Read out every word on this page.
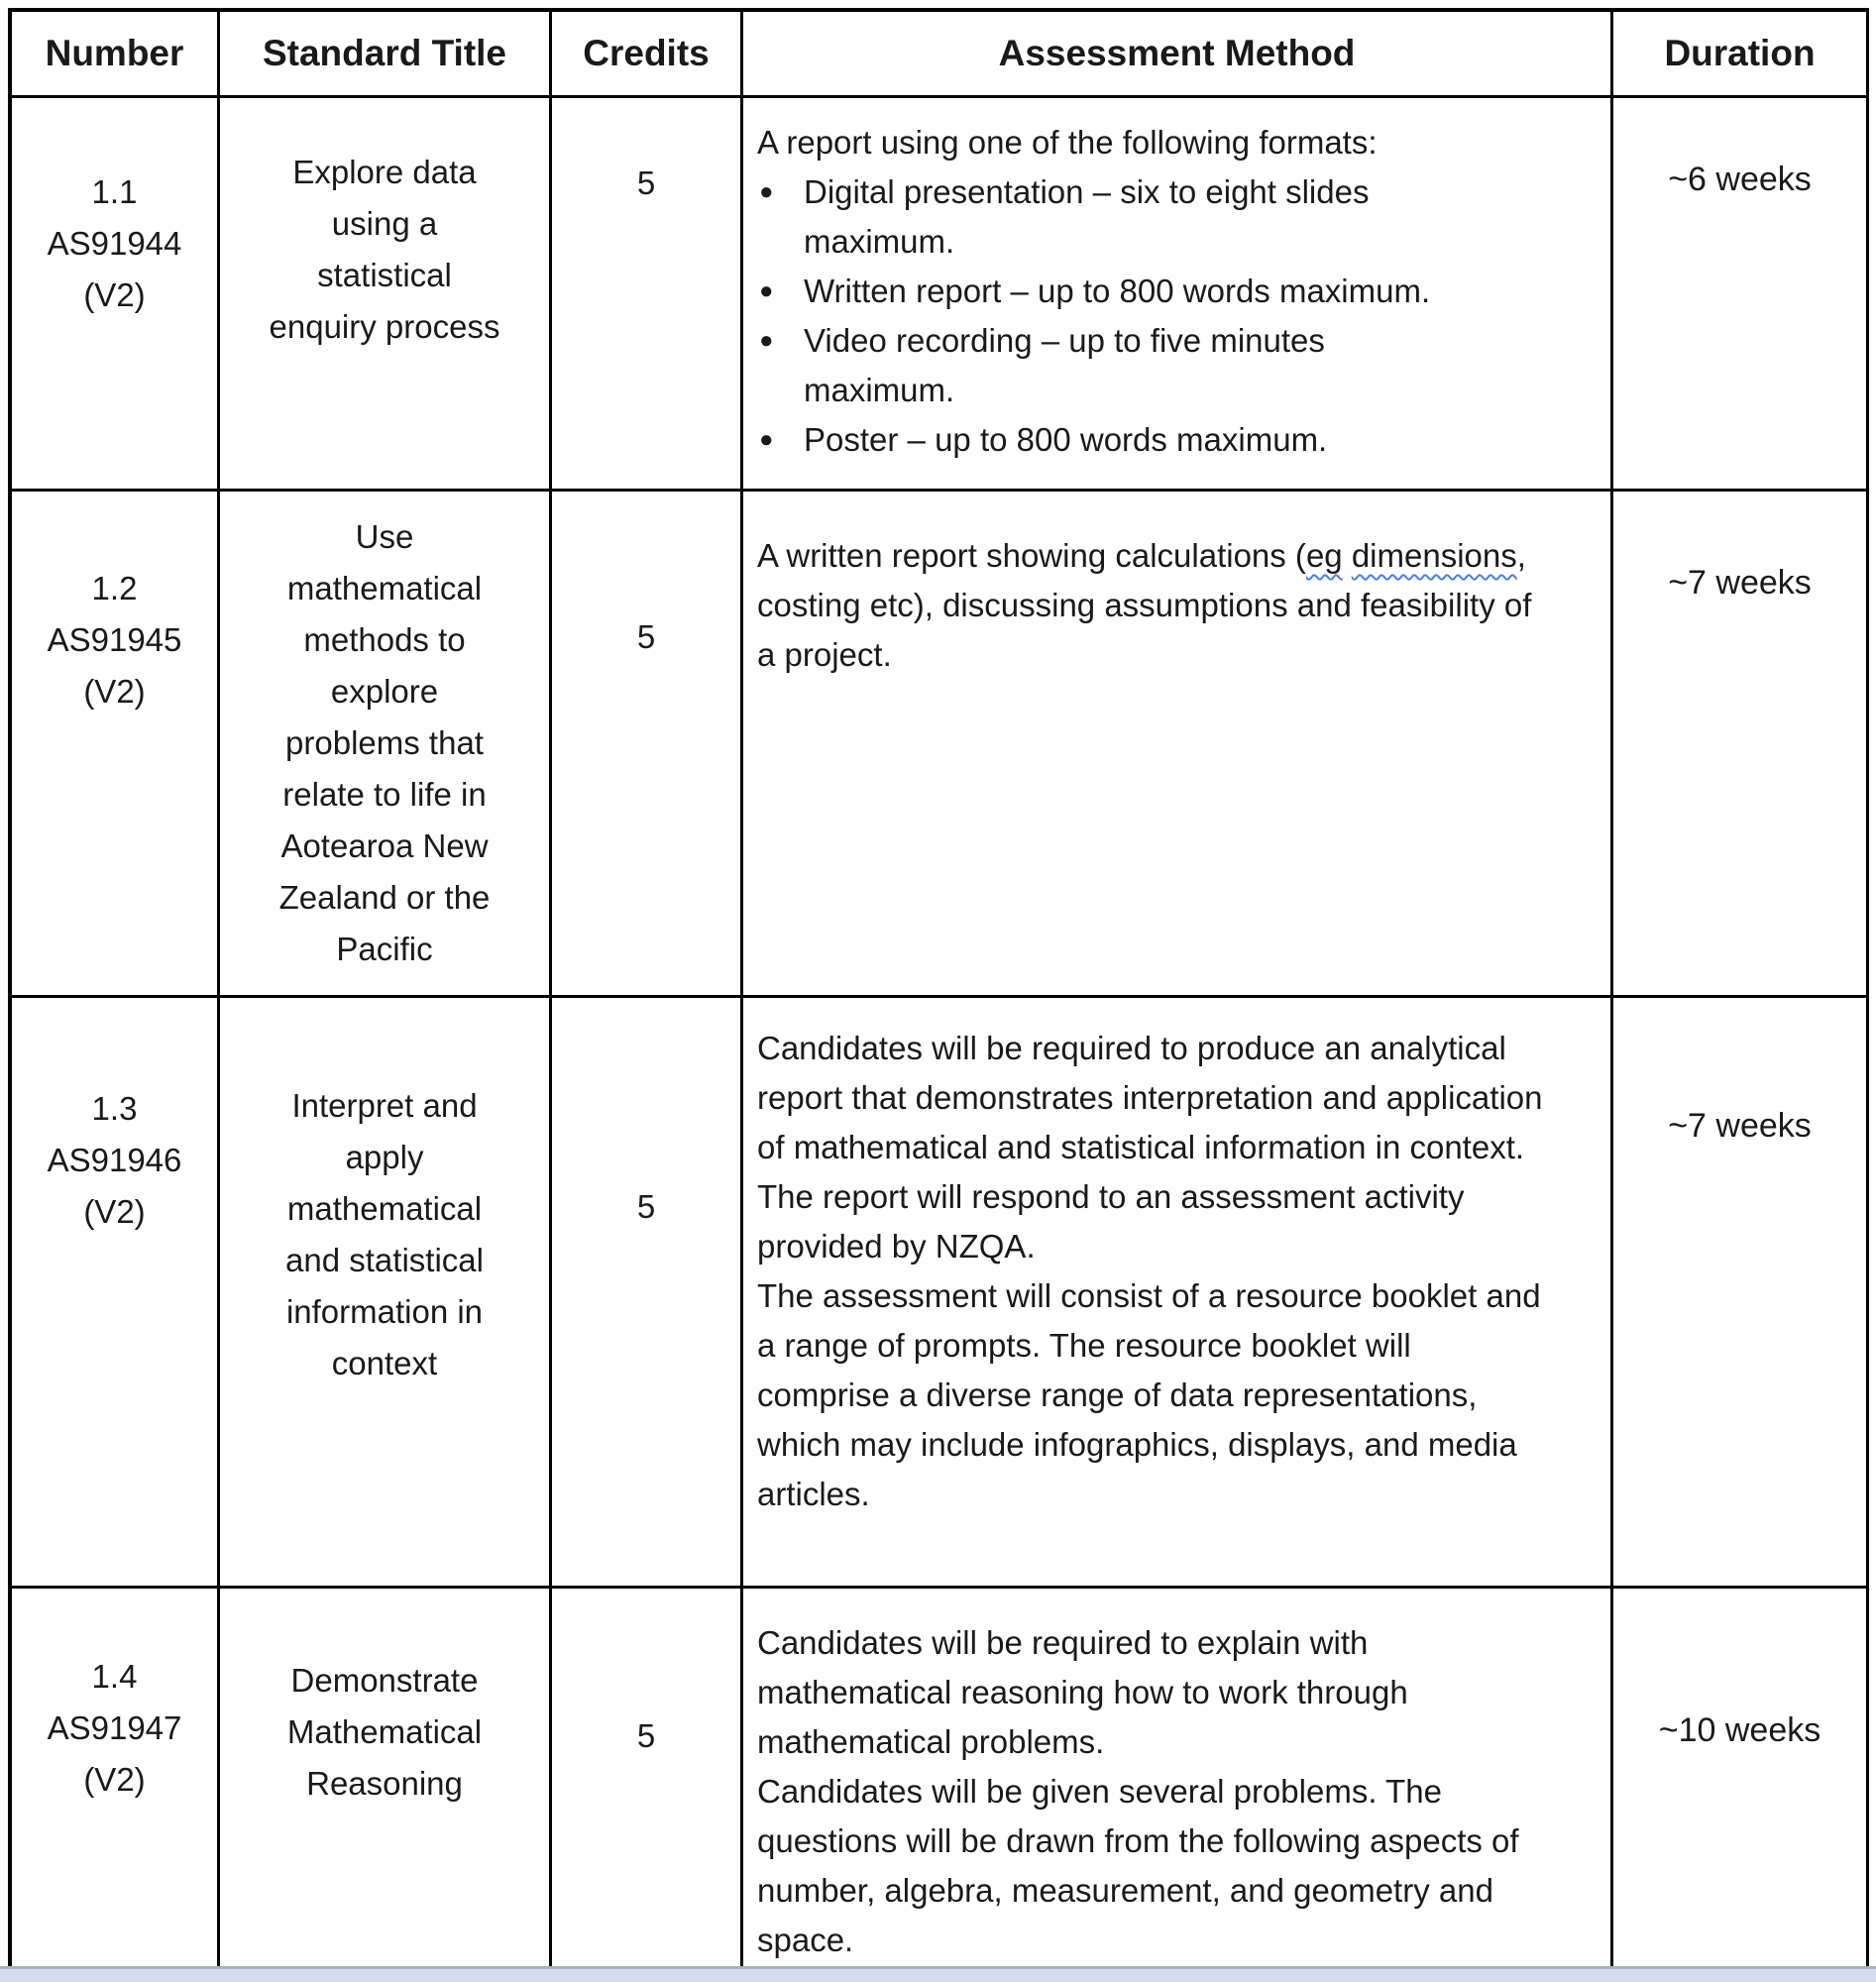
Number Standard Title Credits	Assessment Method	Duration
1.1
AS91944
(V2)
Explore data using a statistical enquiry process
5

A report using one of the following formats:

● Digital presentation – six to eight slides maximum.
● Written report – up to 800 words maximum.
● Video recording – up to five minutes maximum.
● Poster – up to 800 words maximum.
~6 weeks
1.2
AS91945
(V2)
Use mathematical methods to explore problems that relate to life in Aotearoa New Zealand or the Pacific
5

A written report showing calculations (eg dimensions, costing etc), discussing assumptions and feasibility of a project.

~7 weeks
1.3
AS91946
(V2)
Interpret and apply mathematical and statistical information in context
5

Candidates will be required to produce an analytical report that demonstrates interpretation and application of mathematical and statistical information in context.

The report will respond to an assessment activity provided by NZQA.

The assessment will consist of a resource booklet and a range of prompts. The resource booklet will comprise a diverse range of data representations, which may include infographics, displays, and media articles.

~7 weeks
1.4
AS91947
(V2)
Demonstrate Mathematical Reasoning
5

Candidates will be required to explain with mathematical reasoning how to work through mathematical problems.

Candidates will be given several problems. The questions will be drawn from the following aspects of number, algebra, measurement, and geometry and space.

~10 weeks
